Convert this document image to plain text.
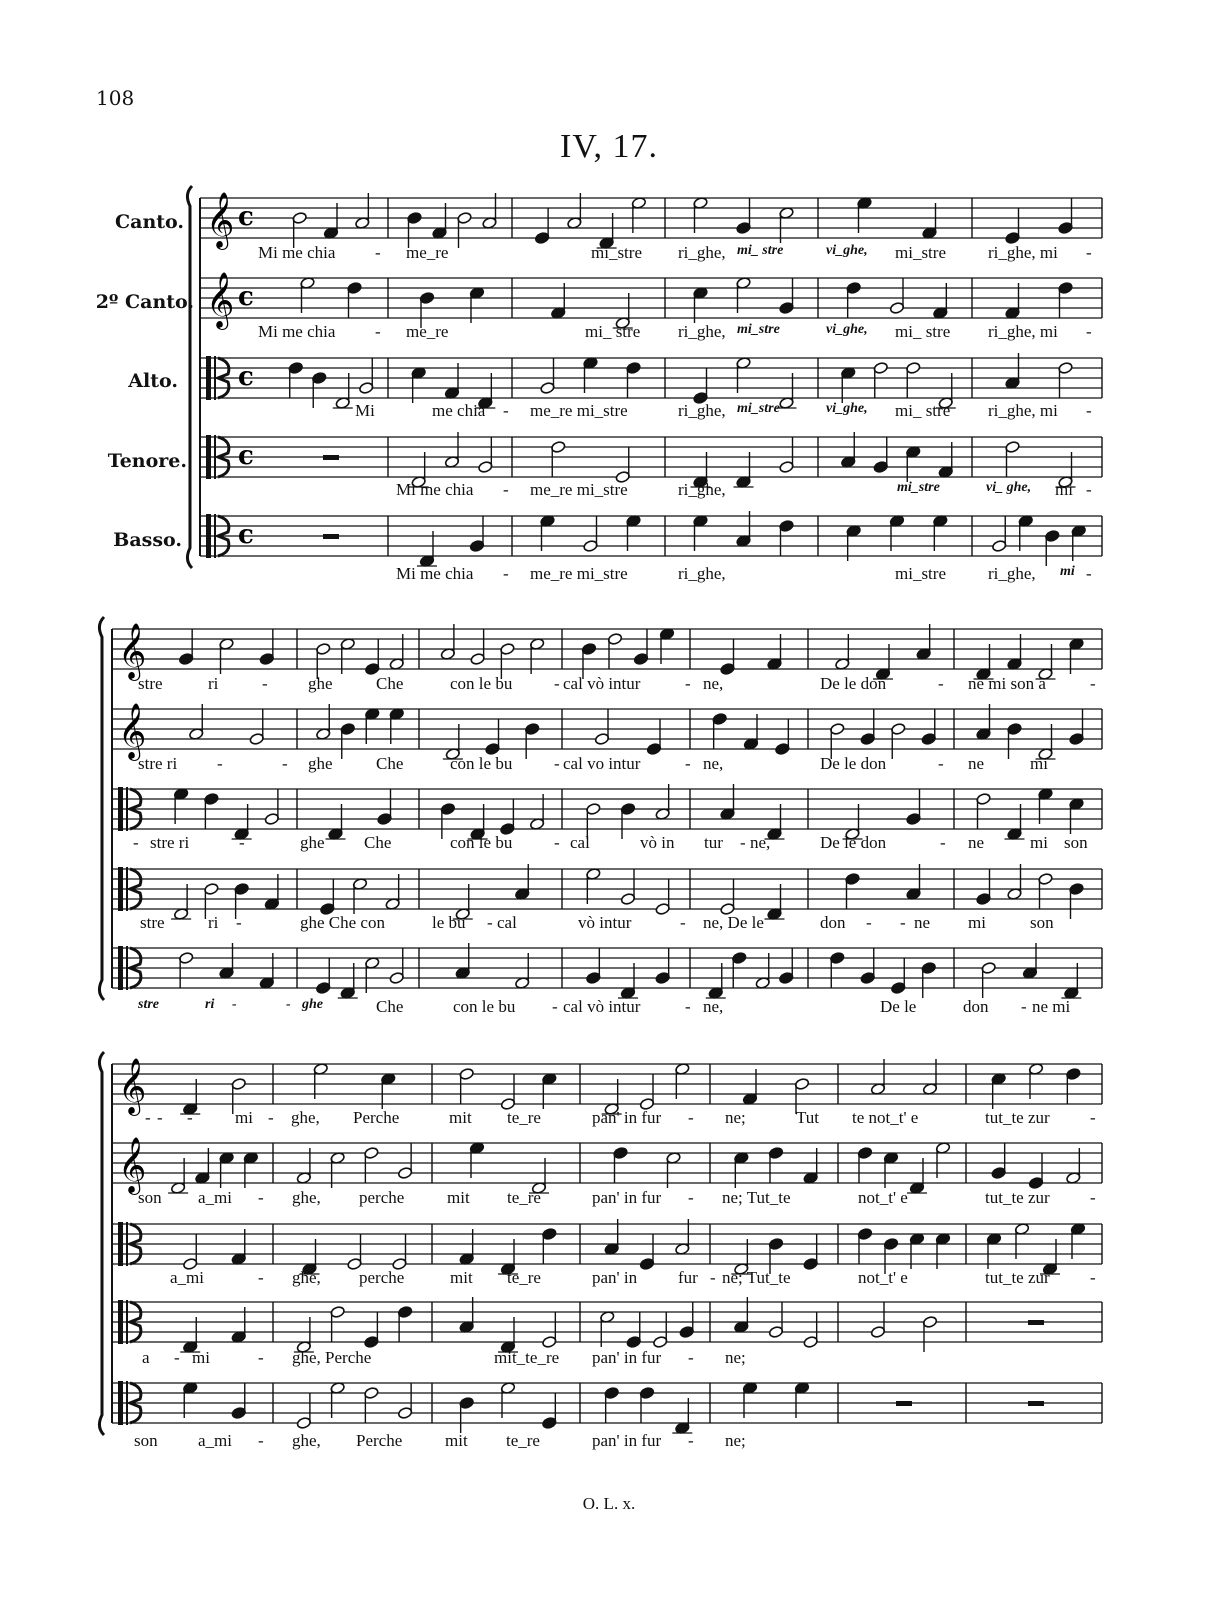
108
IV, 17.
Canto.
2º Canto.
Alto.
Tenore.
Basso.
𝄞 c
𝄞 c
c
c
c
𝄞
𝄞
𝄞
𝄞
Mi me chia - me_re	mi_stre ri_ghe, mi_ stre	vi_ghe, mi_stre ri_ghe, mi -
Mi me chia - me_re	mi_ stre ri_ghe, mi_stre	vi_ghe, mi_ stre ri_ghe, mi -
Mi	me chia - me_re mi_stre	ri_ghe, mi_stre	vi_ghe, mi_ stre ri_ghe, mi -
Mi me chia - me_re mi_stre	ri_ghe,	mi_stre	vi_ ghe, mi -
Mi me chia - me_re mi_stre	ri_ghe,	mi_stre ri_ghe, mi -
stre	ri	- ghe	Che	con le bu - cal vò intur	- ne,	De le don	- ne mi son a	-
stre ri -	- ghe	Che	con le bu - cal vo intur	- ne,	De le don	- ne	mi
- stre ri	-	ghe Che	con le bu - cal	vò in tur - ne,	De le don	- ne	mi son
stre	ri -	ghe Che con	le bu - cal	vò intur	- ne, De le	don - - ne mi	son
stre	ri -	- ghe	Che	con le bu - cal vò intur	- ne,	De le	don - ne mi
- - - mi - ghe, Perche	mit te_re	pan' in fur - ne;	Tut te not_t' e	tut_te zur -
son a_mi - ghe, perche	mit te_re	pan' in fur - ne; Tut_te	not_t' e	tut_te zur -
a_mi	- ghe, perche	mit te_re	pan' in fur - ne; Tut_te	not_t' e	tut_te zur -
a - mi	- ghe, Perche	mit_te_re pan' in fur - ne;
son a_mi - ghe, Perche	mit te_re	pan' in fur - ne;
O. L. x.
